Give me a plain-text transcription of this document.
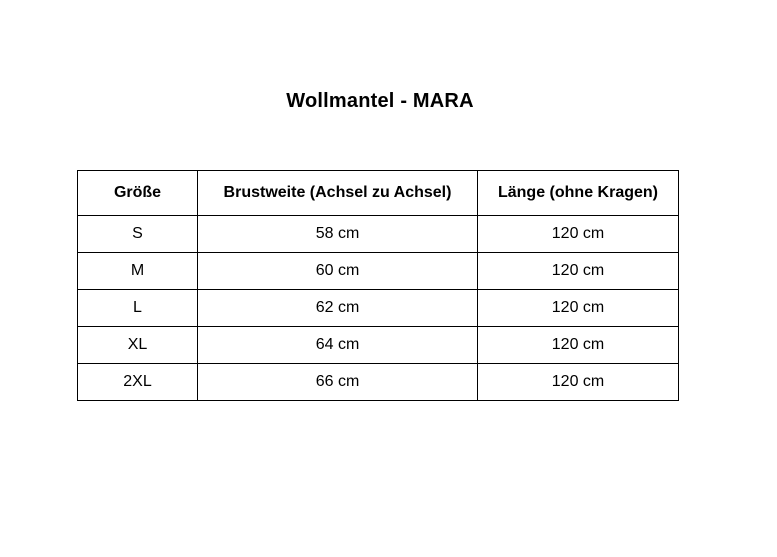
Wollmantel - MARA
Größe	Brustweite (Achsel zu Achsel)	Länge (ohne Kragen)
S	58 cm	120 cm
M	60 cm	120 cm
L	62 cm	120 cm
XL	64 cm	120 cm
2XL	66 cm	120 cm
